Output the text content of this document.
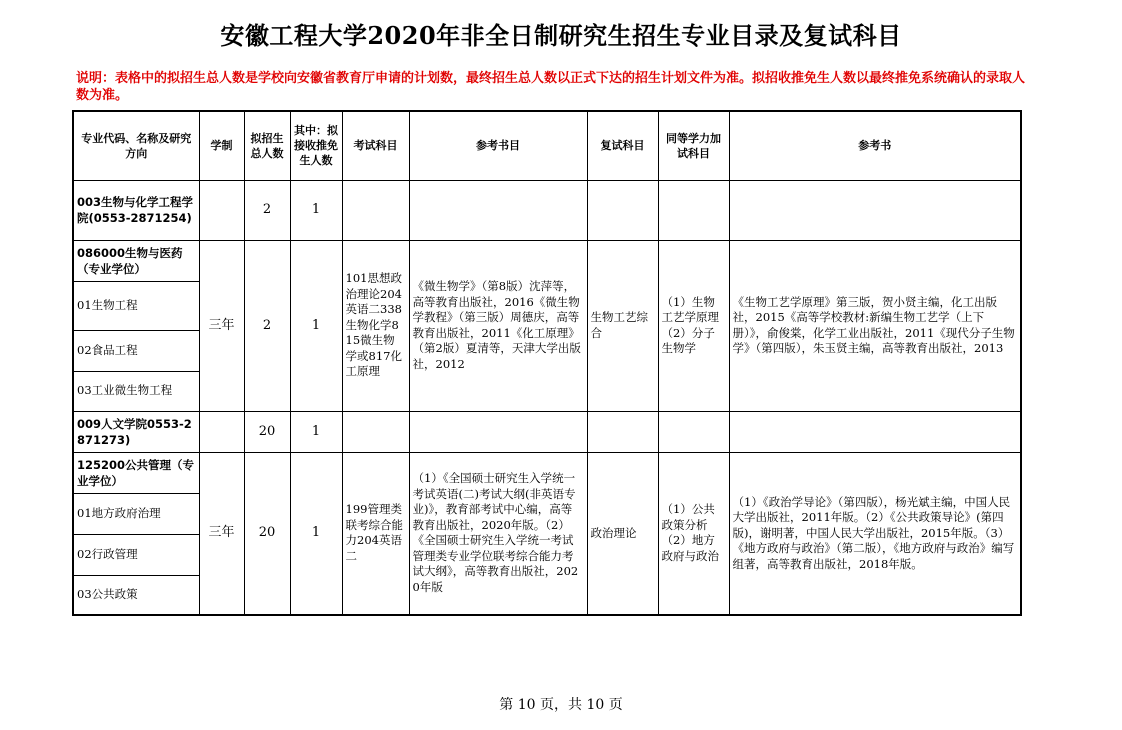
安徽工程大学2020年非全日制研究生招生专业目录及复试科目
说明：表格中的拟招生总人数是学校向安徽省教育厅申请的计划数，最终招生总人数以正式下达的招生计划文件为准。拟招收推免生人数以最终推免系统确认的录取人数为准。
专业代码、名称及研究方向	学制	拟招生总人数	其中：拟接收推免生人数	考试科目	参考书目	复试科目	同等学力加试科目	参考书
003生物与化学工程学院(0553-2871254)		2	1					
086000生物与医药（专业学位）	三年	2	1	101思想政治理论204英语二338生物化学815微生物学或817化工原理	《微生物学》（第8版）沈萍等，高等教育出版社，2016《微生物学教程》（第三版）周德庆，高等教育出版社，2011《化工原理》（第2版）夏清等，天津大学出版社，2012	生物工艺综合	（1）生物工艺学原理（2）分子生物学	《生物工艺学原理》第三版，贺小贤主编，化工出版社，2015《高等学校教材:新编生物工艺学（上下册）》，俞俊棠，化学工业出版社，2011《现代分子生物学》（第四版），朱玉贤主编，高等教育出版社，2013
01生物工程								
02食品工程								
03工业微生物工程								
009人文学院0553-2871273)		20	1					
125200公共管理（专业学位）	三年	20	1	199管理类联考综合能力204英语二	（1）《全国硕士研究生入学统一考试英语(二)考试大纲(非英语专业)》，教育部考试中心编，高等教育出版社，2020年版。（2）《全国硕士研究生入学统一考试管理类专业学位联考综合能力考试大纲》，高等教育出版社，2020年版	政治理论	（1）公共政策分析（2）地方政府与政治	（1）《政治学导论》（第四版），杨光斌主编，中国人民大学出版社，2011年版。（2）《公共政策导论》(第四版)，谢明著，中国人民大学出版社，2015年版。（3）《地方政府与政治》（第二版），《地方政府与政治》编写组著，高等教育出版社，2018年版。
01地方政府治理								
02行政管理								
03公共政策								
第 10 页，共 10 页
